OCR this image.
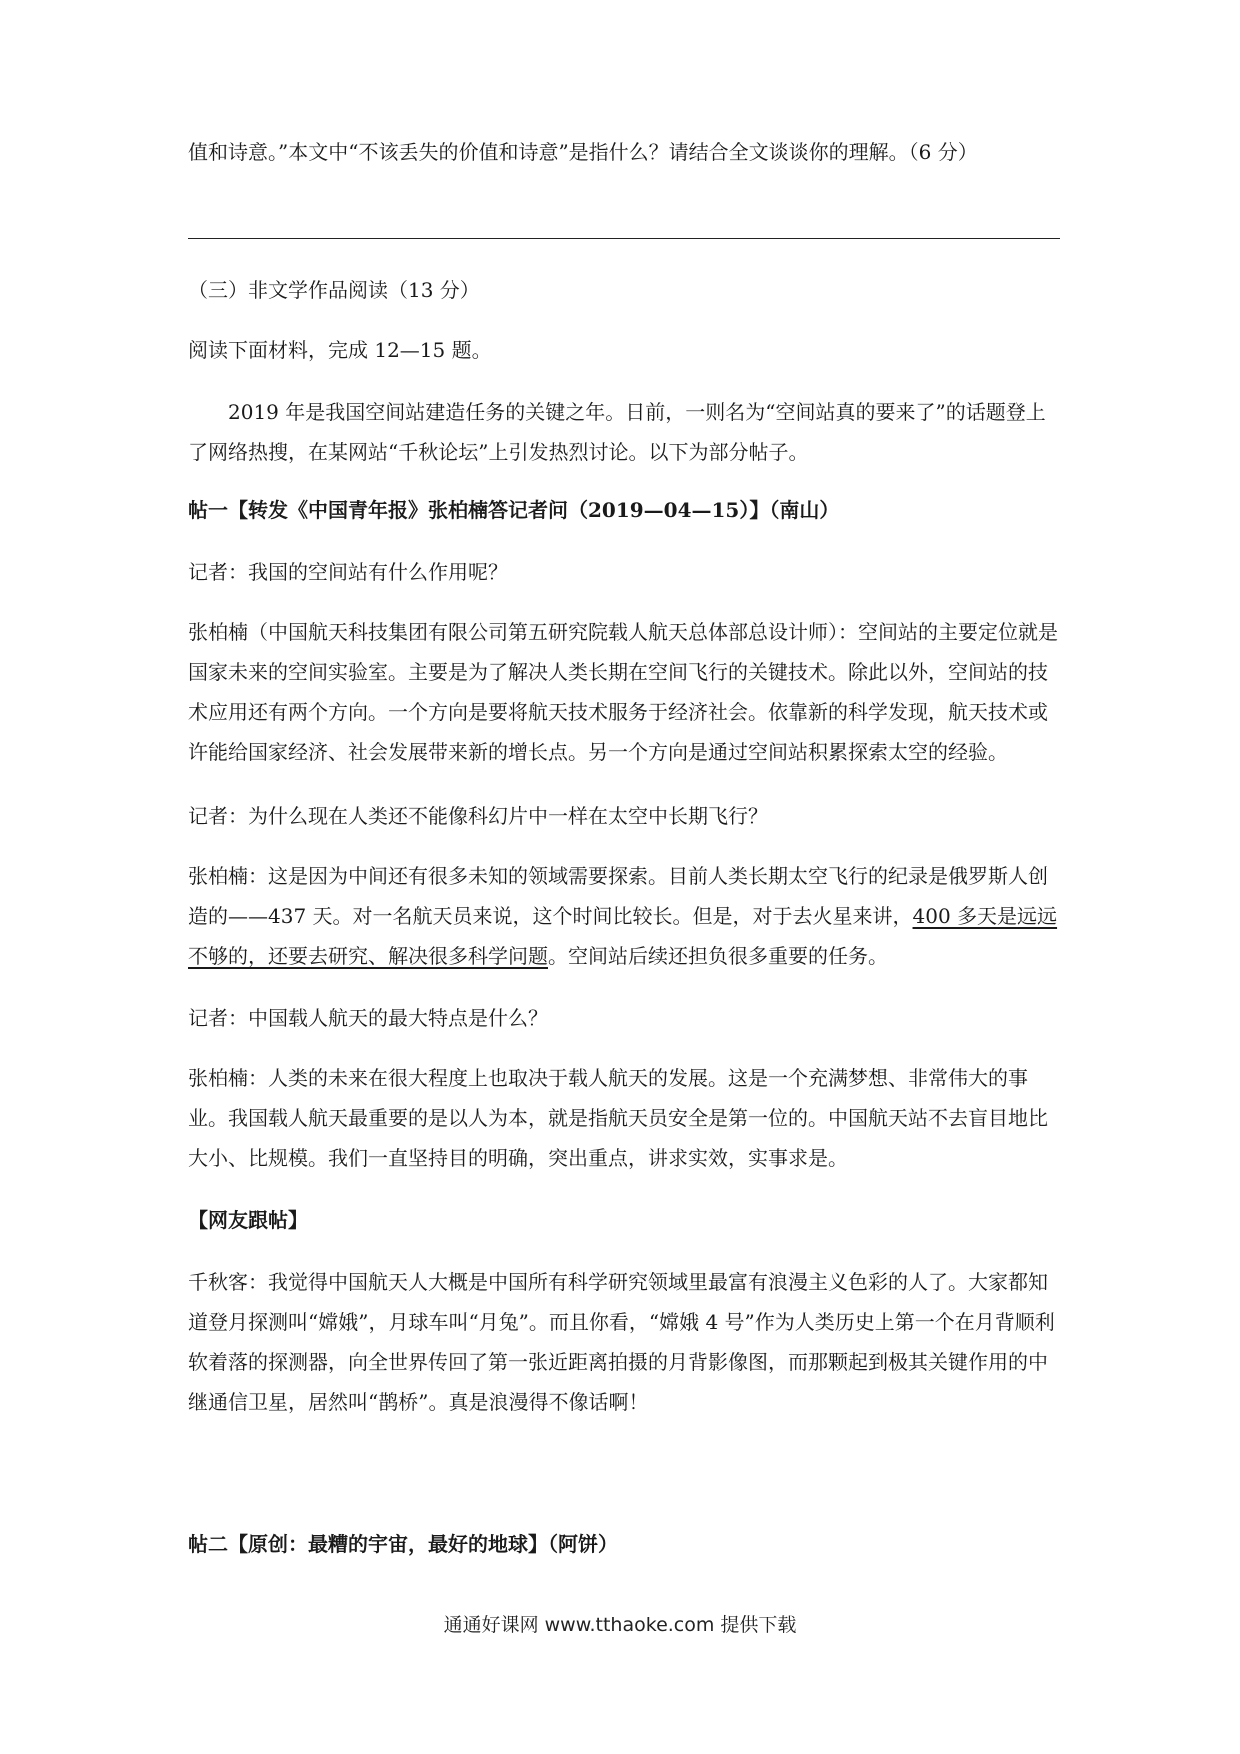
值和诗意。”本文中“不该丢失的价值和诗意”是指什么？请结合全文谈谈你的理解。（6 分）

（三）非文学作品阅读（13 分）

阅读下面材料，完成 12—15 题。

2019 年是我国空间站建造任务的关键之年。日前，一则名为“空间站真的要来了”的话题登上了网络热搜，在某网站“千秋论坛”上引发热烈讨论。以下为部分帖子。

帖一【转发《中国青年报》张柏楠答记者问（2019—04—15）】（南山）

记者：我国的空间站有什么作用呢？

张柏楠（中国航天科技集团有限公司第五研究院载人航天总体部总设计师）：空间站的主要定位就是国家未来的空间实验室。主要是为了解决人类长期在空间飞行的关键技术。除此以外，空间站的技术应用还有两个方向。一个方向是要将航天技术服务于经济社会。依靠新的科学发现，航天技术或许能给国家经济、社会发展带来新的增长点。另一个方向是通过空间站积累探索太空的经验。

记者：为什么现在人类还不能像科幻片中一样在太空中长期飞行？

张柏楠：这是因为中间还有很多未知的领域需要探索。目前人类长期太空飞行的纪录是俄罗斯人创造的——437 天。对一名航天员来说，这个时间比较长。但是，对于去火星来讲，400 多天是远远不够的，还要去研究、解决很多科学问题。空间站后续还担负很多重要的任务。

记者：中国载人航天的最大特点是什么？

张柏楠：人类的未来在很大程度上也取决于载人航天的发展。这是一个充满梦想、非常伟大的事业。我国载人航天最重要的是以人为本，就是指航天员安全是第一位的。中国航天站不去盲目地比大小、比规模。我们一直坚持目的明确，突出重点，讲求实效，实事求是。

【网友跟帖】

千秋客：我觉得中国航天人大概是中国所有科学研究领域里最富有浪漫主义色彩的人了。大家都知道登月探测叫“嫦娥”，月球车叫“月兔”。而且你看，“嫦娥 4 号”作为人类历史上第一个在月背顺利软着落的探测器，向全世界传回了第一张近距离拍摄的月背影像图，而那颗起到极其关键作用的中继通信卫星，居然叫“鹊桥”。真是浪漫得不像话啊！

帖二【原创：最糟的宇宙，最好的地球】（阿饼）

通通好课网 www.tthaoke.com 提供下载
